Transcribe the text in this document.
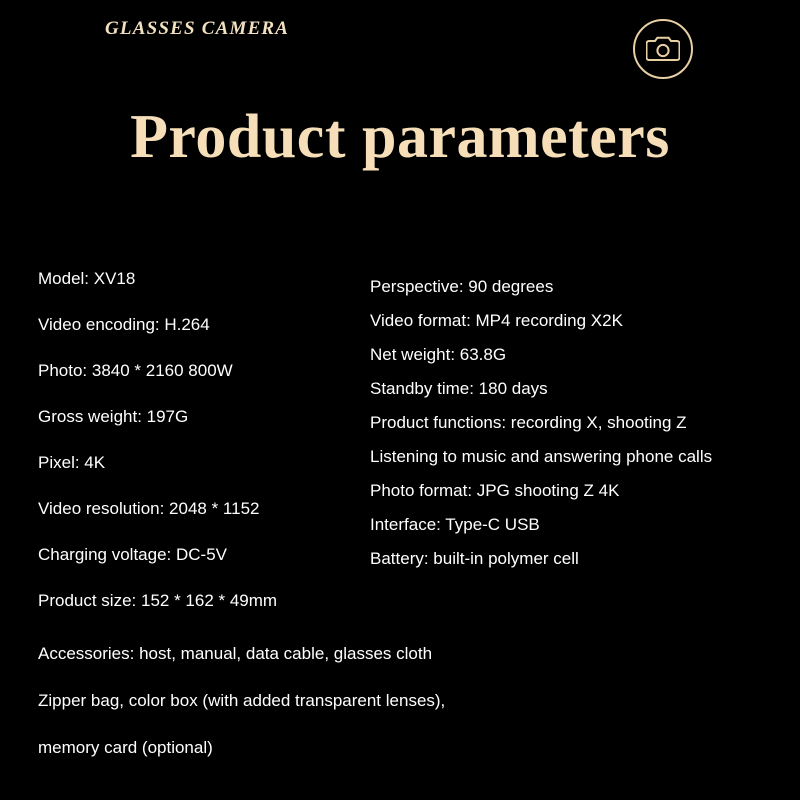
GLASSES CAMERA
Product parameters
Model: XV18
Video encoding: H.264
Photo: 3840 * 2160 800W
Gross weight: 197G
Pixel: 4K
Video resolution: 2048 * 1152
Charging voltage: DC-5V
Product size: 152 * 162 * 49mm
Perspective: 90 degrees
Video format: MP4 recording X2K
Net weight: 63.8G
Standby time: 180 days
Product functions: recording X, shooting Z
Listening to music and answering phone calls
Photo format: JPG shooting Z 4K
Interface: Type-C USB
Battery: built-in polymer cell
Accessories: host, manual, data cable, glasses cloth
Zipper bag, color box (with added transparent lenses),
memory card (optional)
